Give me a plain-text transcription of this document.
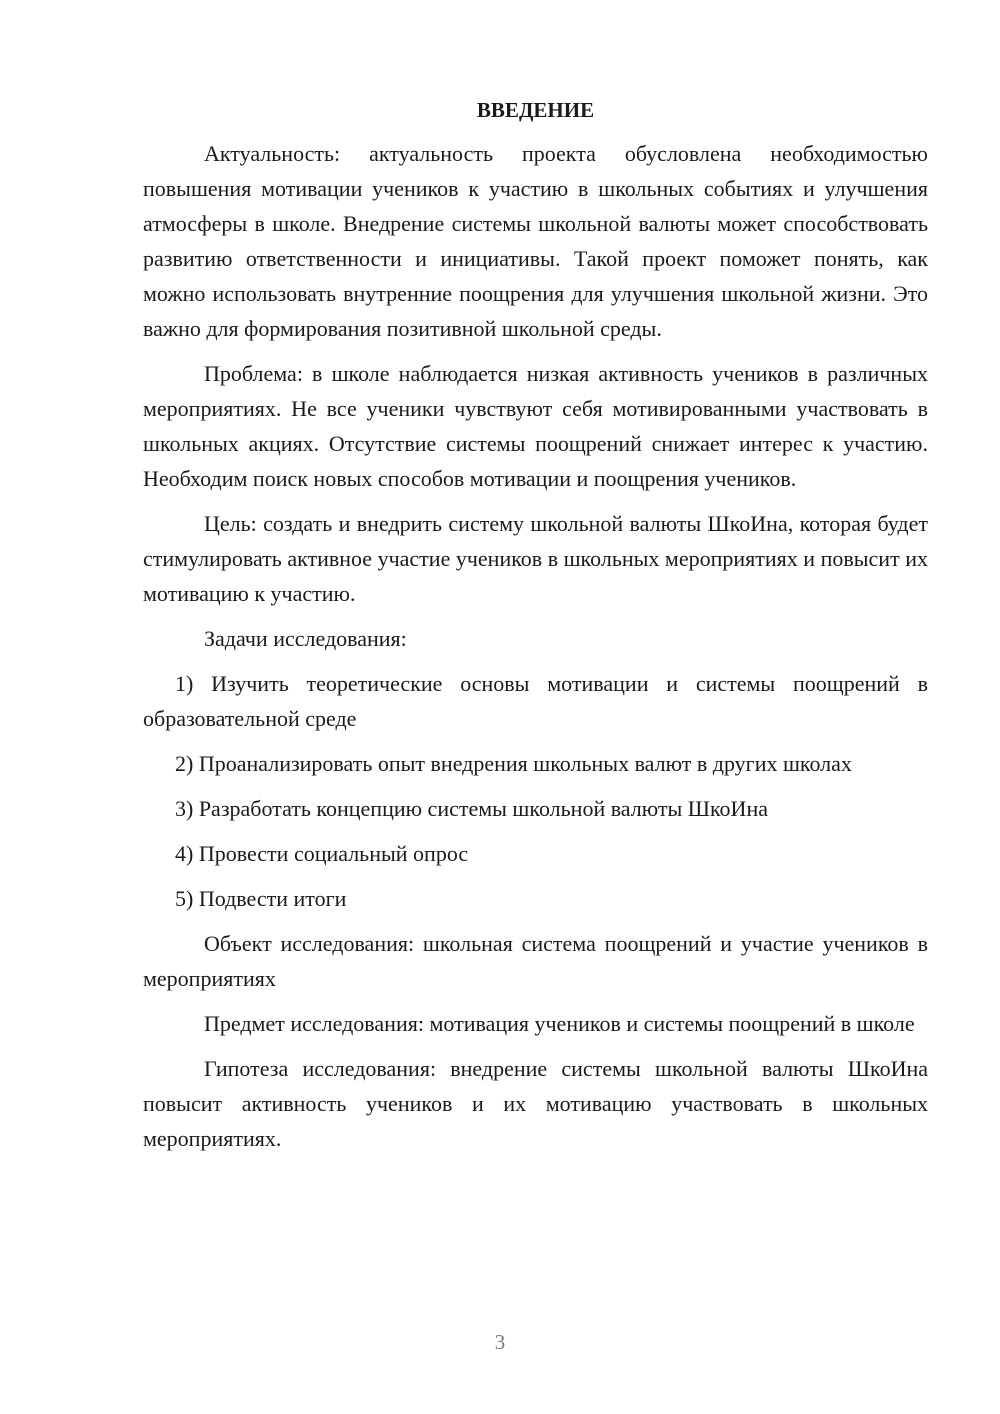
ВВЕДЕНИЕ

Актуальность: актуальность проекта обусловлена необходимостью повышения мотивации учеников к участию в школьных событиях и улучшения атмосферы в школе. Внедрение системы школьной валюты может способствовать развитию ответственности и инициативы. Такой проект поможет понять, как можно использовать внутренние поощрения для улучшения школьной жизни. Это важно для формирования позитивной школьной среды.

Проблема: в школе наблюдается низкая активность учеников в различных мероприятиях. Не все ученики чувствуют себя мотивированными участвовать в школьных акциях. Отсутствие системы поощрений снижает интерес к участию. Необходим поиск новых способов мотивации и поощрения учеников.

Цель: создать и внедрить систему школьной валюты ШкоИна, которая будет стимулировать активное участие учеников в школьных мероприятиях и повысит их мотивацию к участию.

Задачи исследования:

1) Изучить теоретические основы мотивации и системы поощрений в образовательной среде

2) Проанализировать опыт внедрения школьных валют в других школах

3) Разработать концепцию системы школьной валюты ШкоИна

4) Провести социальный опрос

5) Подвести итоги

Объект исследования: школьная система поощрений и участие учеников в мероприятиях

Предмет исследования: мотивация учеников и системы поощрений в школе

Гипотеза исследования: внедрение системы школьной валюты ШкоИна повысит активность учеников и их мотивацию участвовать в школьных мероприятиях.

3
